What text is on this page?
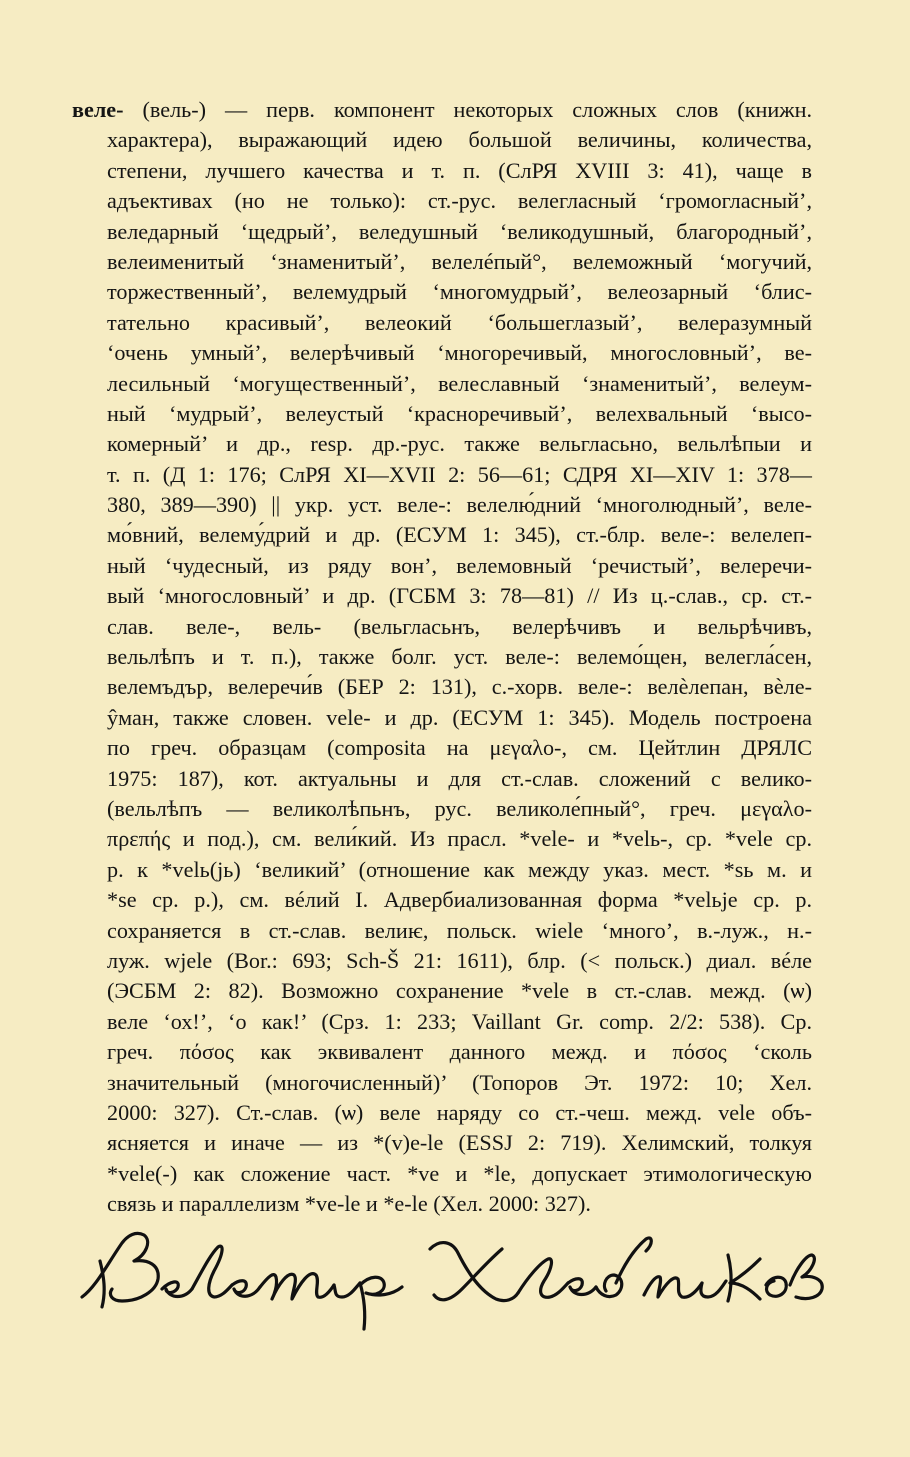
веле- (вель-) — перв. компонент некоторых сложных слов (книжн.
характера), выражающий идею большой величины, количества,
степени, лучшего качества и т. п. (СлРЯ XVIII 3: 41), чаще в
адъективах (но не только): ст.-рус. велегласный ‘громогласный’,
веледарный ‘щедрый’, веледушный ‘великодушный, благородный’,
велеименитый ‘знаменитый’, велелéпый°, велеможный ‘могучий,
торжественный’, велемудрый ‘многомудрый’, велеозарный ‘блис-
тательно красивый’, велеокий ‘большеглазый’, велеразумный
‘очень умный’, велерѣчивый ‘многоречивый, многословный’, ве-
лесильный ‘могущественный’, велеславный ‘знаменитый’, велеум-
ный ‘мудрый’, велеустый ‘красноречивый’, велехвальный ‘высо-
комерный’ и др., resp. др.-рус. также вельгласьно, вельлѣпыи и
т. п. (Д 1: 176; СлРЯ XI—XVII 2: 56—61; СДРЯ XI—XIV 1: 378—
380, 389—390) || укр. уст. веле-: велелю́дний ‘многолюдный’, веле-
мо́вний, велему́дрий и др. (ЕСУМ 1: 345), ст.-блр. веле-: велелеп-
ный ‘чудесный, из ряду вон’, велемовный ‘речистый’, велеречи-
вый ‘многословный’ и др. (ГСБМ 3: 78—81) // Из ц.-слав., ср. ст.-
слав. веле-, вель- (вельгласьнъ, велерѣчивъ и вельрѣчивъ,
вельлѣпъ и т. п.), также болг. уст. веле-: велемо́щен, велегла́сен,
велемъдър, велеречи́в (БЕР 2: 131), с.-хорв. веле-: велѐлепан, вѐле-
ŷман, также словен. vele- и др. (ЕСУМ 1: 345). Модель построена
по греч. образцам (composita на μεγαλο-, см. Цейтлин ДРЯЛС
1975: 187), кот. актуальны и для ст.-слав. сложений с велико-
(вельлѣпъ — великолѣпьнъ, рус. великоле́пный°, греч. μεγαλο-
πρεπής и под.), см. вели́кий. Из прасл. *vele- и *velь-, ср. *vele ср.
р. к *velь(jь) ‘великий’ (отношение как между указ. мест. *sь м. и
*se ср. р.), см. вéлий I. Адвербиализованная форма *velьje ср. р.
сохраняется в ст.-слав. велиѥ, польск. wiele ‘много’, в.-луж., н.-
луж. wjele (Bor.: 693; Sch-Š 21: 1611), блр. (< польск.) диал. вéле
(ЭСБМ 2: 82). Возможно сохранение *vele в ст.-слав. межд. (ѡ)
веле ‘ох!’, ‘о как!’ (Срз. 1: 233; Vaillant Gr. comp. 2/2: 538). Ср.
греч. πόσος как эквивалент данного межд. и πόσος ‘сколь
значительный (многочисленный)’ (Топоров Эт. 1972: 10; Хел.
2000: 327). Ст.-слав. (ѡ) веле наряду со ст.-чеш. межд. vele объ-
ясняется и иначе — из *(v)e-le (ESSJ 2: 719). Хелимский, толкуя
*vele(-) как сложение част. *ve и *le, допускает этимологическую
связь и параллелизм *ve-le и *e-le (Хел. 2000: 327).
